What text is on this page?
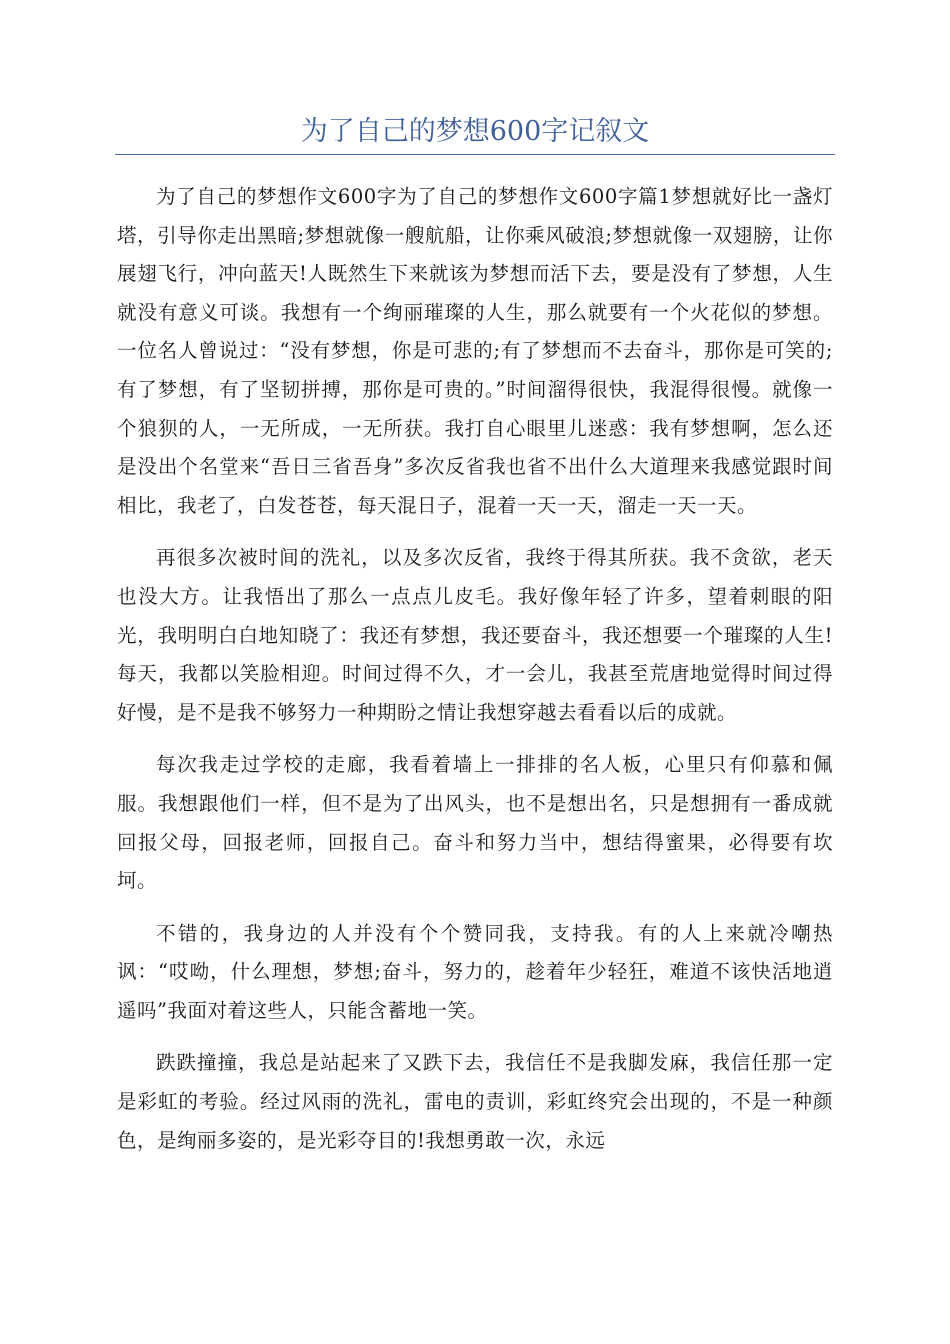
为了自己的梦想600字记叙文

为了自己的梦想作文600字为了自己的梦想作文600字篇1梦想就好比一盏灯塔，引导你走出黑暗;梦想就像一艘航船，让你乘风破浪;梦想就像一双翅膀，让你展翅飞行，冲向蓝天!人既然生下来就该为梦想而活下去，要是没有了梦想，人生就没有意义可谈。我想有一个绚丽璀璨的人生，那么就要有一个火花似的梦想。一位名人曾说过：“没有梦想，你是可悲的;有了梦想而不去奋斗，那你是可笑的;有了梦想，有了坚韧拼搏，那你是可贵的。”时间溜得很快，我混得很慢。就像一个狼狈的人，一无所成，一无所获。我打自心眼里儿迷惑：我有梦想啊，怎么还是没出个名堂来“吾日三省吾身”多次反省我也省不出什么大道理来我感觉跟时间相比，我老了，白发苍苍，每天混日子，混着一天一天，溜走一天一天。

再很多次被时间的洗礼，以及多次反省，我终于得其所获。我不贪欲，老天也没大方。让我悟出了那么一点点儿皮毛。我好像年轻了许多，望着刺眼的阳光，我明明白白地知晓了：我还有梦想，我还要奋斗，我还想要一个璀璨的人生!每天，我都以笑脸相迎。时间过得不久，才一会儿，我甚至荒唐地觉得时间过得好慢，是不是我不够努力一种期盼之情让我想穿越去看看以后的成就。

每次我走过学校的走廊，我看着墙上一排排的名人板，心里只有仰慕和佩服。我想跟他们一样，但不是为了出风头，也不是想出名，只是想拥有一番成就回报父母，回报老师，回报自己。奋斗和努力当中，想结得蜜果，必得要有坎坷。

不错的，我身边的人并没有个个赞同我，支持我。有的人上来就冷嘲热讽：“哎呦，什么理想，梦想;奋斗，努力的，趁着年少轻狂，难道不该快活地逍遥吗”我面对着这些人，只能含蓄地一笑。

跌跌撞撞，我总是站起来了又跌下去，我信任不是我脚发麻，我信任那一定是彩虹的考验。经过风雨的洗礼，雷电的责训，彩虹终究会出现的，不是一种颜色，是绚丽多姿的，是光彩夺目的!我想勇敢一次，永远
